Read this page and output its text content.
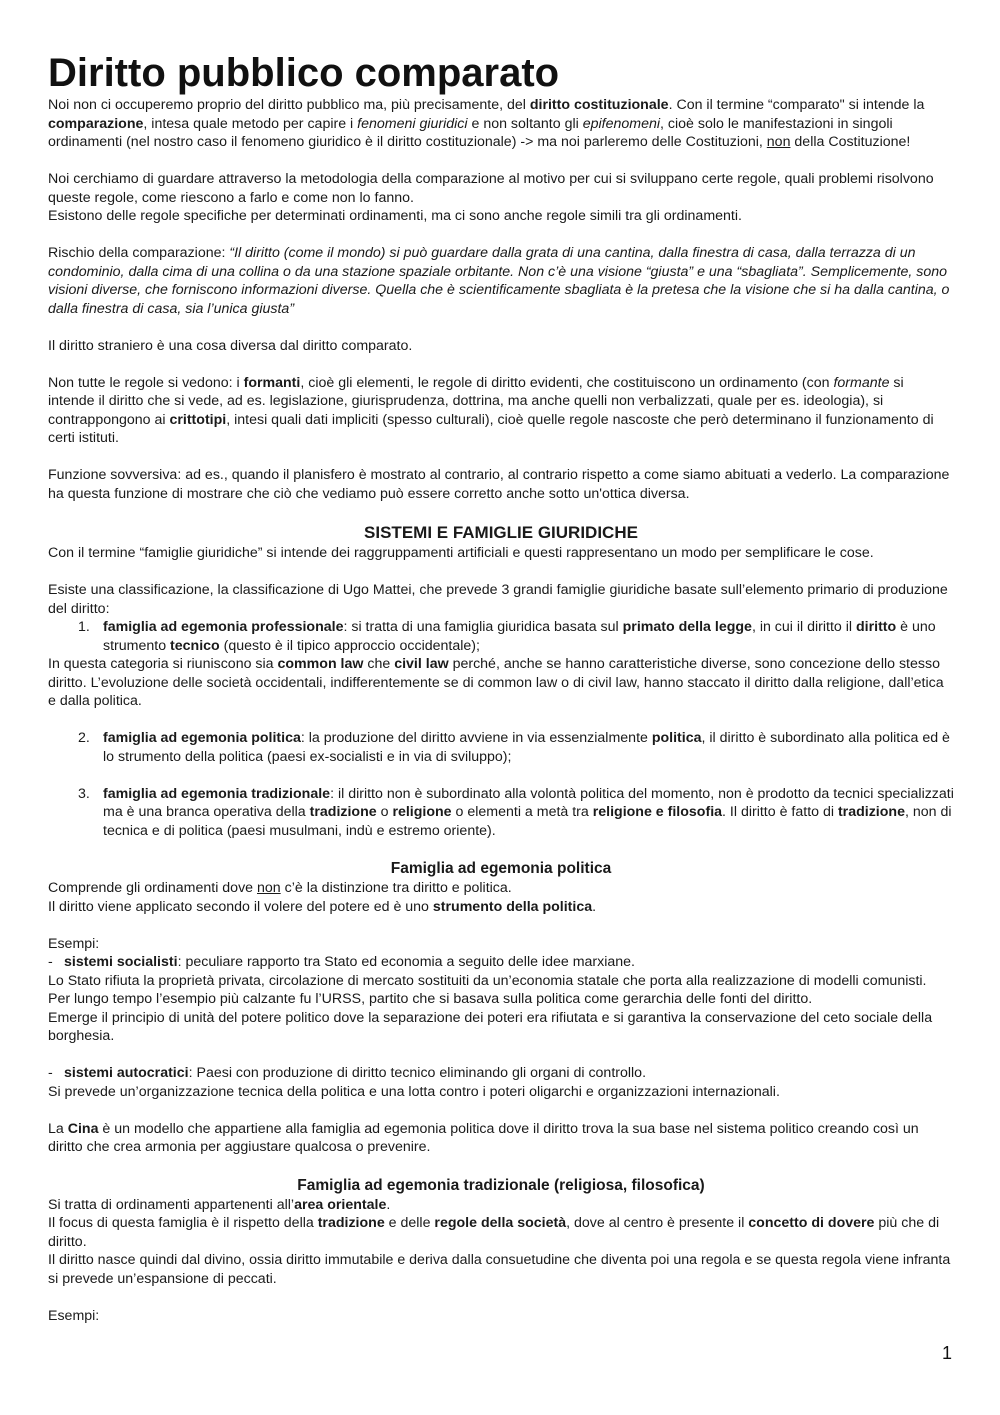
Diritto pubblico comparato

Noi non ci occuperemo proprio del diritto pubblico ma, più precisamente, del diritto costituzionale. Con il termine “comparato" si intende la comparazione, intesa quale metodo per capire i fenomeni giuridici e non soltanto gli epifenomeni, cioè solo le manifestazioni in singoli ordinamenti (nel nostro caso il fenomeno giuridico è il diritto costituzionale) -> ma noi parleremo delle Costituzioni, non della Costituzione!

Noi cerchiamo di guardare attraverso la metodologia della comparazione al motivo per cui si sviluppano certe regole, quali problemi risolvono queste regole, come riescono a farlo e come non lo fanno.

Esistono delle regole specifiche per determinati ordinamenti, ma ci sono anche regole simili tra gli ordinamenti.

Rischio della comparazione: “Il diritto (come il mondo) si può guardare dalla grata di una cantina, dalla finestra di casa, dalla terrazza di un condominio, dalla cima di una collina o da una stazione spaziale orbitante. Non c’è una visione “giusta” e una “sbagliata”. Semplicemente, sono visioni diverse, che forniscono informazioni diverse. Quella che è scientificamente sbagliata è la pretesa che la visione che si ha dalla cantina, o dalla finestra di casa, sia l’unica giusta”

Il diritto straniero è una cosa diversa dal diritto comparato.

Non tutte le regole si vedono: i formanti, cioè gli elementi, le regole di diritto evidenti, che costituiscono un ordinamento (con formante si intende il diritto che si vede, ad es. legislazione, giurisprudenza, dottrina, ma anche quelli non verbalizzati, quale per es. ideologia), si contrappongono ai crittotipi, intesi quali dati impliciti (spesso culturali), cioè quelle regole nascoste che però determinano il funzionamento di certi istituti.

Funzione sovversiva: ad es., quando il planisfero è mostrato al contrario, al contrario rispetto a come siamo abituati a vederlo. La comparazione ha questa funzione di mostrare che ciò che vediamo può essere corretto anche sotto un'ottica diversa.

SISTEMI E FAMIGLIE GIURIDICHE

Con il termine “famiglie giuridiche” si intende dei raggruppamenti artificiali e questi rappresentano un modo per semplificare le cose.

Esiste una classificazione, la classificazione di Ugo Mattei, che prevede 3 grandi famiglie giuridiche basate sull’elemento primario di produzione del diritto:

1. famiglia ad egemonia professionale: si tratta di una famiglia giuridica basata sul primato della legge, in cui il diritto il diritto è uno strumento tecnico (questo è il tipico approccio occidentale);

In questa categoria si riuniscono sia common law che civil law perché, anche se hanno caratteristiche diverse, sono concezione dello stesso diritto. L’evoluzione delle società occidentali, indifferentemente se di common law o di civil law, hanno staccato il diritto dalla religione, dall’etica e dalla politica.

2. famiglia ad egemonia politica: la produzione del diritto avviene in via essenzialmente politica, il diritto è subordinato alla politica ed è lo strumento della politica (paesi ex-socialisti e in via di sviluppo);
3. famiglia ad egemonia tradizionale: il diritto non è subordinato alla volontà politica del momento, non è prodotto da tecnici specializzati ma è una branca operativa della tradizione o religione o elementi a metà tra religione e filosofia. Il diritto è fatto di tradizione, non di tecnica e di politica (paesi musulmani, indù e estremo oriente).
Famiglia ad egemonia politica

Comprende gli ordinamenti dove non c’è la distinzione tra diritto e politica.

Il diritto viene applicato secondo il volere del potere ed è uno strumento della politica.

Esempi:

- sistemi socialisti: peculiare rapporto tra Stato ed economia a seguito delle idee marxiane.

Lo Stato rifiuta la proprietà privata, circolazione di mercato sostituiti da un’economia statale che porta alla realizzazione di modelli comunisti.

Per lungo tempo l’esempio più calzante fu l’URSS, partito che si basava sulla politica come gerarchia delle fonti del diritto.

Emerge il principio di unità del potere politico dove la separazione dei poteri era rifiutata e si garantiva la conservazione del ceto sociale della borghesia.

- sistemi autocratici: Paesi con produzione di diritto tecnico eliminando gli organi di controllo.

Si prevede un’organizzazione tecnica della politica e una lotta contro i poteri oligarchi e organizzazioni internazionali.

La Cina è un modello che appartiene alla famiglia ad egemonia politica dove il diritto trova la sua base nel sistema politico creando così un diritto che crea armonia per aggiustare qualcosa o prevenire.

Famiglia ad egemonia tradizionale (religiosa, filosofica)

Si tratta di ordinamenti appartenenti all’area orientale.

Il focus di questa famiglia è il rispetto della tradizione e delle regole della società, dove al centro è presente il concetto di dovere più che di diritto.

Il diritto nasce quindi dal divino, ossia diritto immutabile e deriva dalla consuetudine che diventa poi una regola e se questa regola viene infranta si prevede un’espansione di peccati.

Esempi:

1
